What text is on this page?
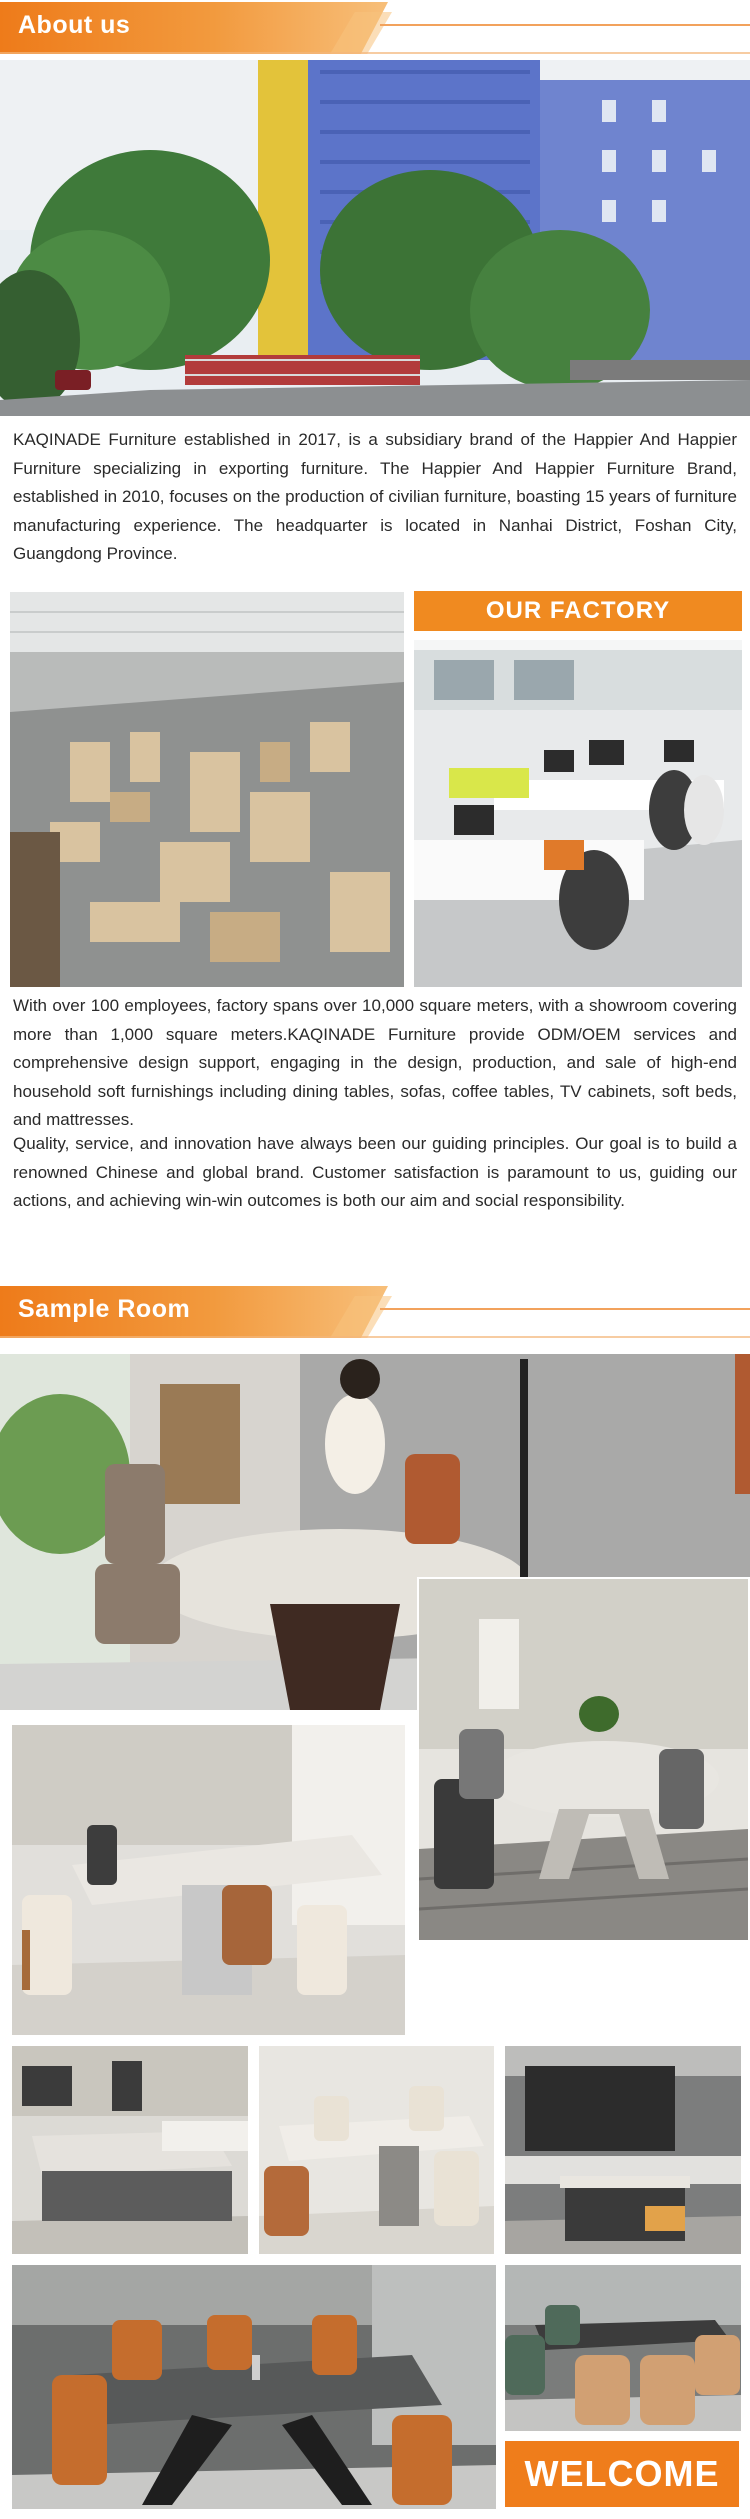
About us
KAQINADE Furniture established in 2017, is a subsidiary brand of the Happier And Happier Furniture specializing in exporting furniture. The Happier And Happier Furniture Brand, established in 2010, focuses on the production of civilian furniture, boasting 15 years of furniture manufacturing experience. The headquarter is located in Nanhai District, Foshan City, Guangdong Province.
OUR FACTORY
With over 100 employees, factory spans over 10,000 square meters, with a showroom covering more than 1,000 square meters.KAQINADE Furniture provide ODM/OEM services and comprehensive design support, engaging in the design, production, and sale of high-end household soft furnishings including dining tables, sofas, coffee tables, TV cabinets, soft beds, and mattresses.
Quality, service, and innovation have always been our guiding principles. Our goal is to build a renowned Chinese and global brand. Customer satisfaction is paramount to us, guiding our actions, and achieving win-win outcomes is both our aim and social responsibility.
Sample Room
WELCOME
